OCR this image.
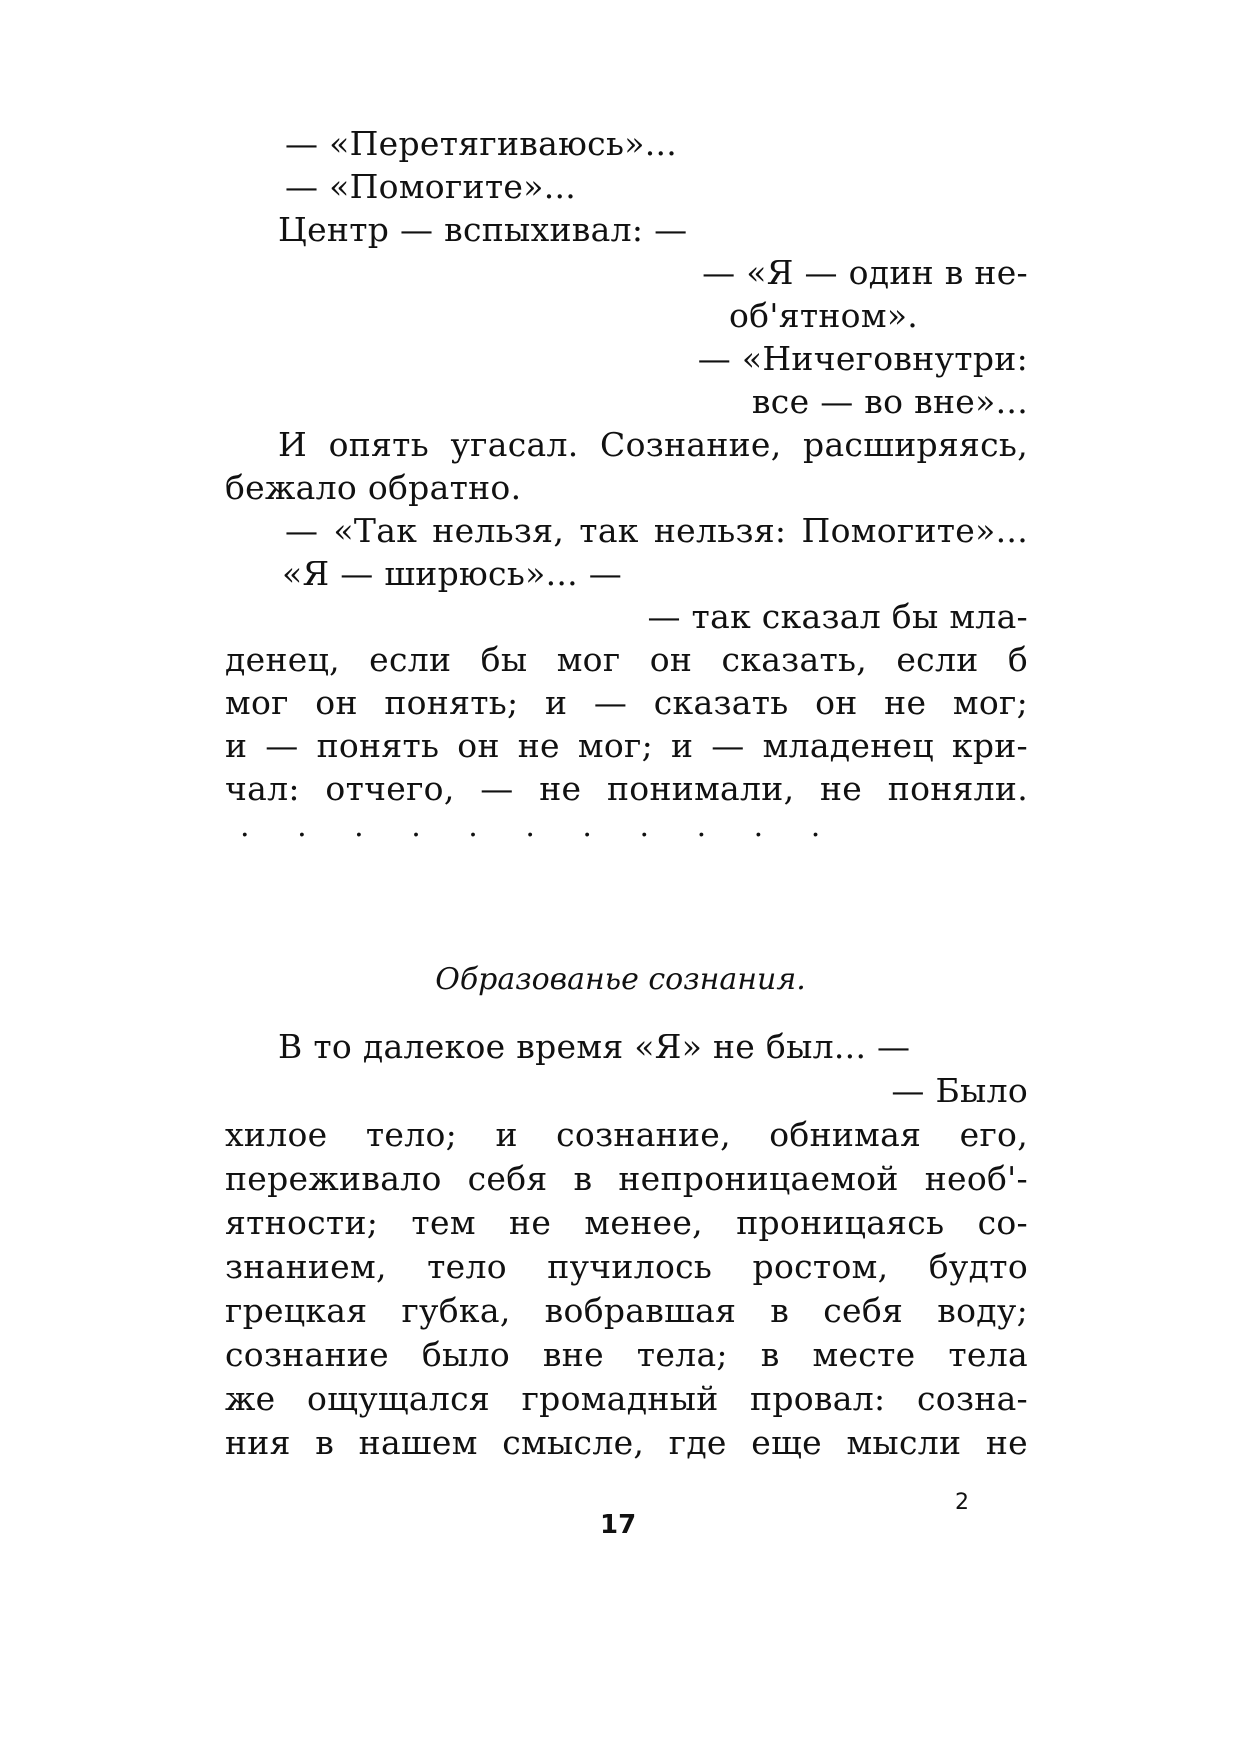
— «Перетягиваюсь»...
— «Помогите»...
Центр — вспыхивал: —
— «Я — один в не-
об'ятном».
— «Ничеговнутри:
все — во вне»...
И опять угасал. Сознание, расширяясь,
бежало обратно.
— «Так нельзя, так нельзя: Помогите»...
«Я — ширюсь»... —
— так сказал бы мла-
денец, если бы мог он сказать, если б
мог он понять; и — сказать он не мог;
и — понять он не мог; и — младенец кри-
чал: отчего, — не понимали, не поняли.
. . . . . . . . . . .
Образованье сознания.
В то далекое время «Я» не был... —
— Было
хилое тело; и сознание, обнимая его,
переживало себя в непроницаемой необ'-
ятности; тем не менее, проницаясь со-
знанием, тело пучилось ростом, будто
грецкая губка, вобравшая в себя воду;
сознание было вне тела; в месте тела
же ощущался громадный провал: созна-
ния в нашем смысле, где еще мысли не
17
2
